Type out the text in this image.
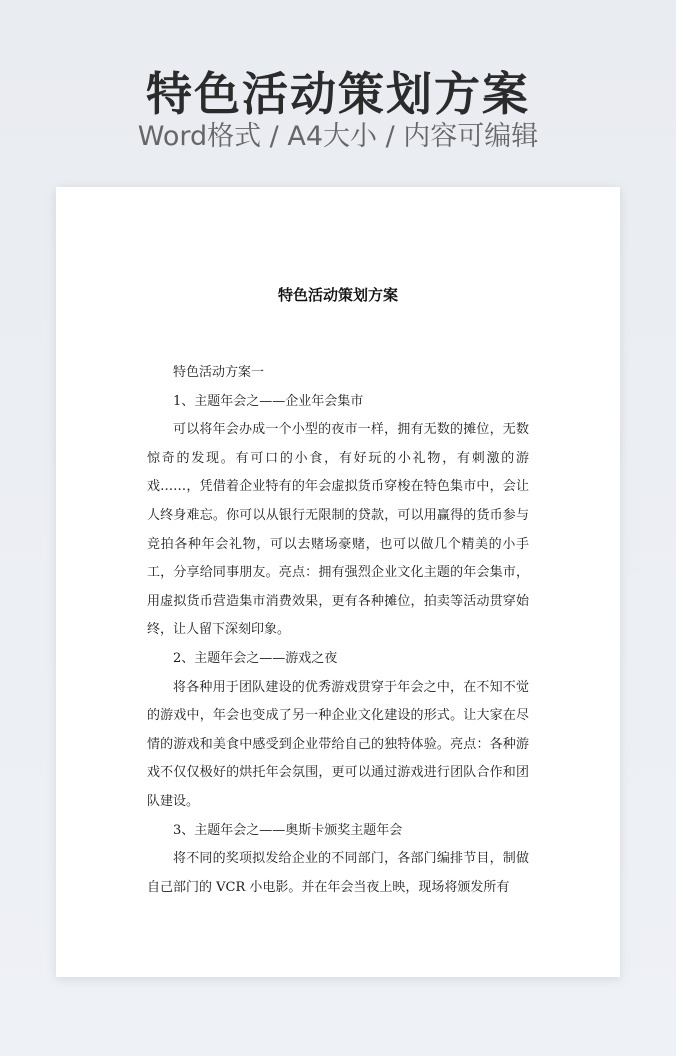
特色活动策划方案
Word格式 / A4大小 / 内容可编辑
特色活动策划方案

特色活动方案一

1、主题年会之——企业年会集市

可以将年会办成一个小型的夜市一样，拥有无数的摊位，无数惊奇的发现。有可口的小食，有好玩的小礼物，有刺激的游戏……，凭借着企业特有的年会虚拟货币穿梭在特色集市中，会让人终身难忘。你可以从银行无限制的贷款，可以用赢得的货币参与竞拍各种年会礼物，可以去赌场豪赌，也可以做几个精美的小手工，分享给同事朋友。亮点：拥有强烈企业文化主题的年会集市，用虚拟货币营造集市消费效果，更有各种摊位，拍卖等活动贯穿始终，让人留下深刻印象。

2、主题年会之——游戏之夜

将各种用于团队建设的优秀游戏贯穿于年会之中，在不知不觉的游戏中，年会也变成了另一种企业文化建设的形式。让大家在尽情的游戏和美食中感受到企业带给自己的独特体验。亮点：各种游戏不仅仅极好的烘托年会氛围，更可以通过游戏进行团队合作和团队建设。

3、主题年会之——奥斯卡颁奖主题年会

将不同的奖项拟发给企业的不同部门，各部门编排节目，制做自己部门的 VCR 小电影。并在年会当夜上映，现场将颁发所有
